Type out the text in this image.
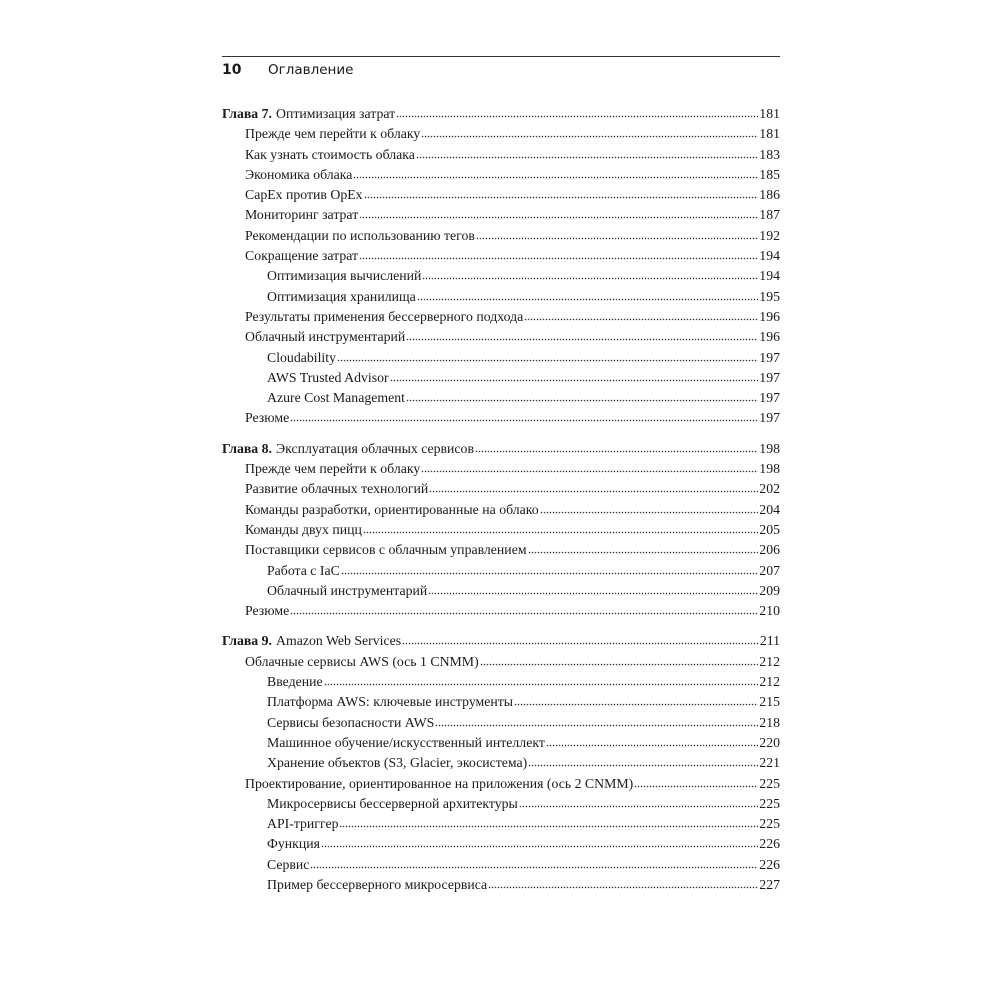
10 Оглавление
Глава 7. Оптимизация затрат	181
Прежде чем перейти к облаку	181
Как узнать стоимость облака	183
Экономика облака	185
CapEx против OpEx	186
Мониторинг затрат	187
Рекомендации по использованию тегов	192
Сокращение затрат	194
Оптимизация вычислений	194
Оптимизация хранилища	195
Результаты применения бессерверного подхода	196
Облачный инструментарий	196
Cloudability	197
AWS Trusted Advisor	197
Azure Cost Management	197
Резюме	197
Глава 8. Эксплуатация облачных сервисов	198
Прежде чем перейти к облаку	198
Развитие облачных технологий	202
Команды разработки, ориентированные на облако	204
Команды двух пицц	205
Поставщики сервисов с облачным управлением	206
Работа с IaC	207
Облачный инструментарий	209
Резюме	210
Глава 9. Amazon Web Services	211
Облачные сервисы AWS (ось 1 CNMM)	212
Введение	212
Платформа AWS: ключевые инструменты	215
Сервисы безопасности AWS	218
Машинное обучение/искусственный интеллект	220
Хранение объектов (S3, Glacier, экосистема)	221
Проектирование, ориентированное на приложения (ось 2 CNMM)	225
Микросервисы бессерверной архитектуры	225
API-триггер	225
Функция	226
Сервис	226
Пример бессерверного микросервиса	227
